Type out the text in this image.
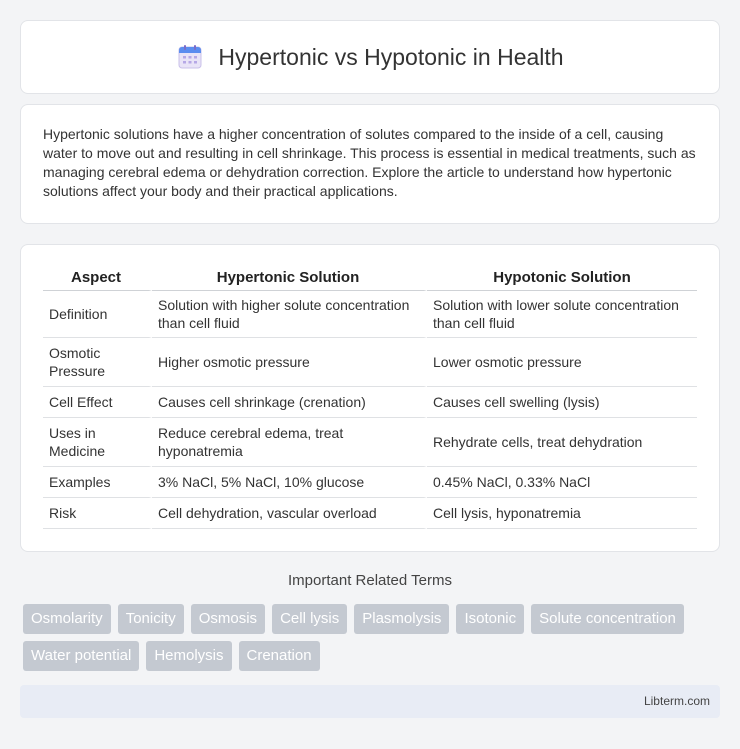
Hypertonic vs Hypotonic in Health

Hypertonic solutions have a higher concentration of solutes compared to the inside of a cell, causing water to move out and resulting in cell shrinkage. This process is essential in medical treatments, such as managing cerebral edema or dehydration correction. Explore the article to understand how hypertonic solutions affect your body and their practical applications.

Aspect	Hypertonic Solution	Hypotonic Solution
Definition	Solution with higher solute concentration than cell fluid	Solution with lower solute concentration than cell fluid
Osmotic Pressure	Higher osmotic pressure	Lower osmotic pressure
Cell Effect	Causes cell shrinkage (crenation)	Causes cell swelling (lysis)
Uses in Medicine	Reduce cerebral edema, treat hyponatremia	Rehydrate cells, treat dehydration
Examples	3% NaCl, 5% NaCl, 10% glucose	0.45% NaCl, 0.33% NaCl
Risk	Cell dehydration, vascular overload	Cell lysis, hyponatremia
Important Related Terms
Osmolarity	Tonicity	Osmosis	Cell lysis	Plasmolysis	Isotonic	Solute concentration
Water potential	Hemolysis	Crenation
Libterm.com
